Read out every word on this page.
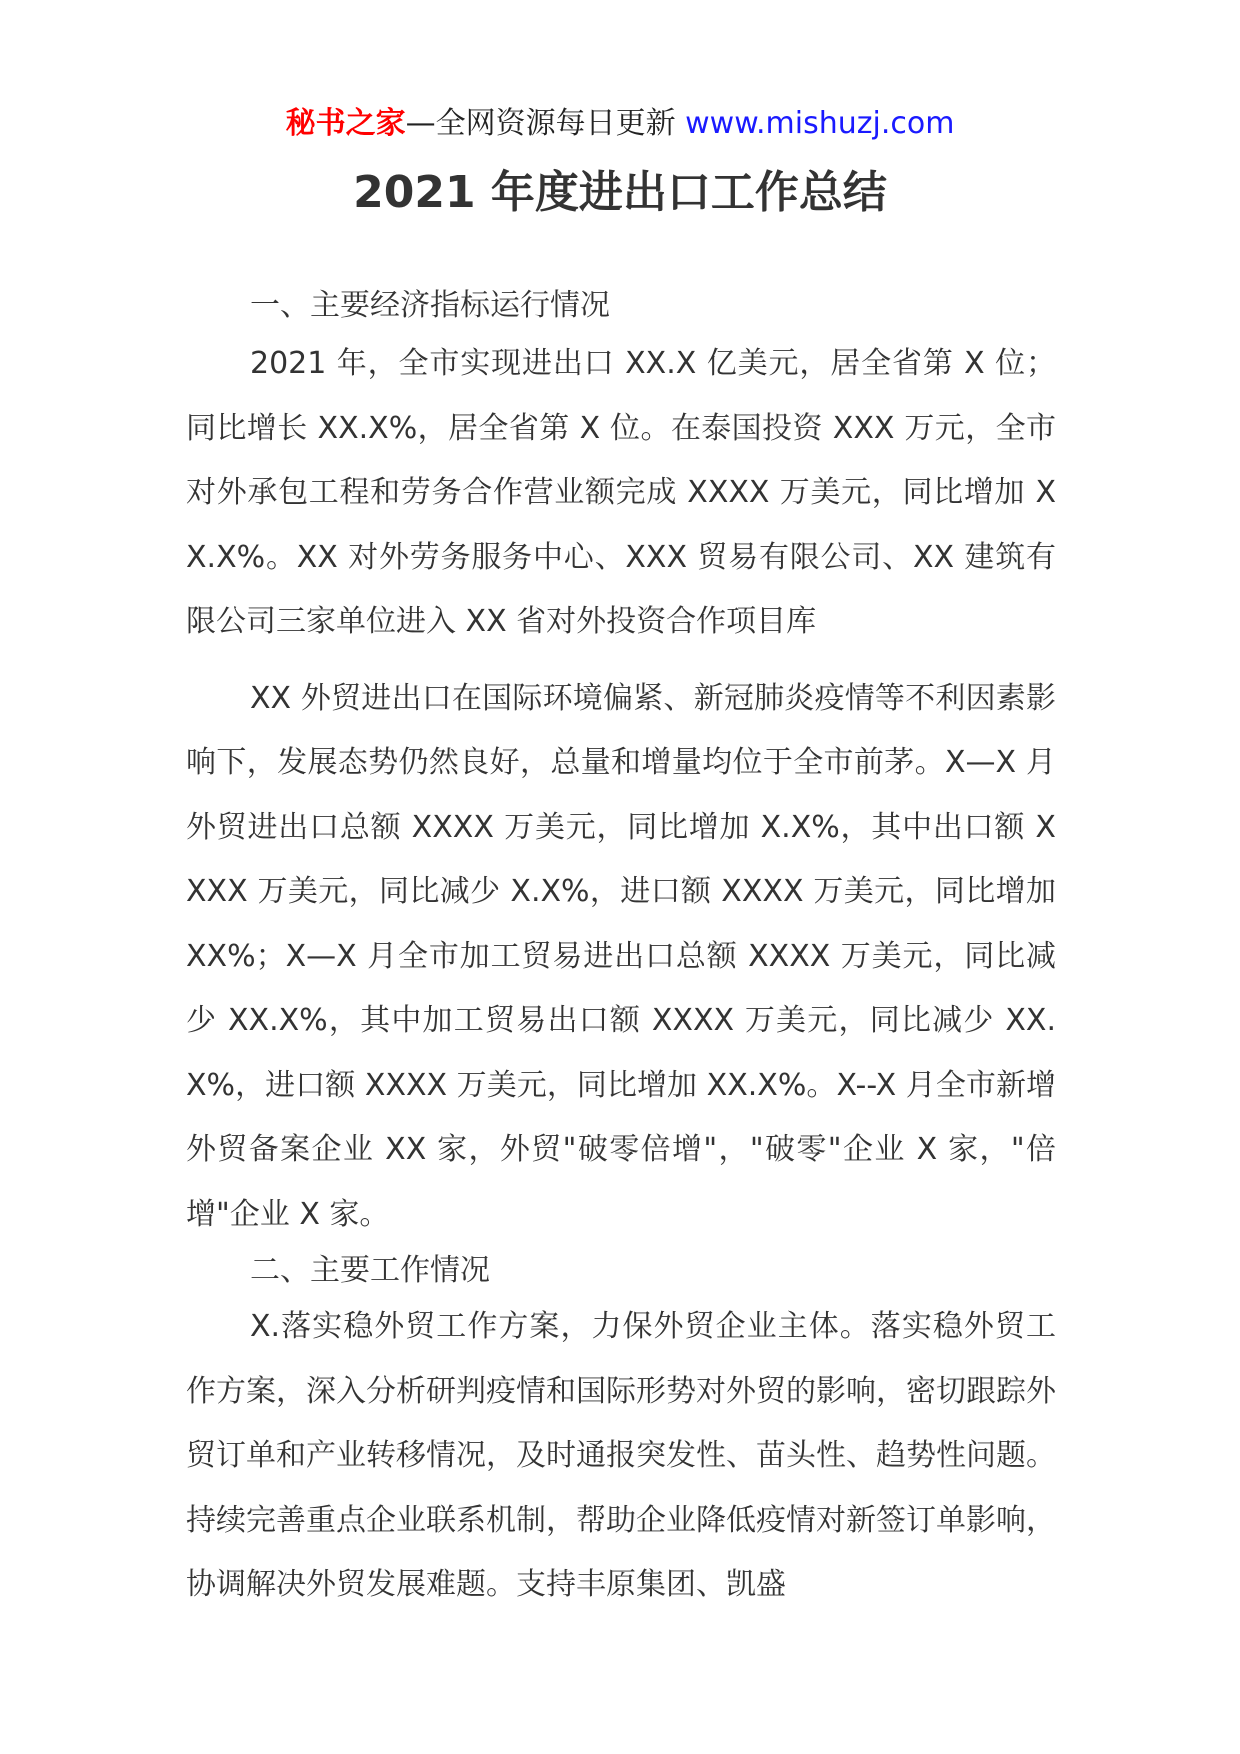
秘书之家—全网资源每日更新 www.mishuzj.com
2021 年度进出口工作总结

一、主要经济指标运行情况

2021 年，全市实现进出口 XX.X 亿美元，居全省第 X 位；同比增长 XX.X%，居全省第 X 位。在泰国投资 XXX 万元，全市对外承包工程和劳务合作营业额完成 XXXX 万美元，同比增加 XX.X%。XX 对外劳务服务中心、XXX 贸易有限公司、XX 建筑有限公司三家单位进入 XX 省对外投资合作项目库

XX 外贸进出口在国际环境偏紧、新冠肺炎疫情等不利因素影响下，发展态势仍然良好，总量和增量均位于全市前茅。X—X 月外贸进出口总额 XXXX 万美元，同比增加 X.X%，其中出口额 XXXX 万美元，同比减少 X.X%，进口额 XXXX 万美元，同比增加 XX%；X—X 月全市加工贸易进出口总额 XXXX 万美元，同比减少 XX.X%，其中加工贸易出口额 XXXX 万美元，同比减少 XX.X%，进口额 XXXX 万美元，同比增加 XX.X%。X--X 月全市新增外贸备案企业 XX 家，外贸"破零倍增"，"破零"企业 X 家，"倍增"企业 X 家。

二、主要工作情况

X.落实稳外贸工作方案，力保外贸企业主体。落实稳外贸工作方案，深入分析研判疫情和国际形势对外贸的影响，密切跟踪外贸订单和产业转移情况，及时通报突发性、苗头性、趋势性问题。持续完善重点企业联系机制，帮助企业降低疫情对新签订单影响，协调解决外贸发展难题。支持丰原集团、凯盛
